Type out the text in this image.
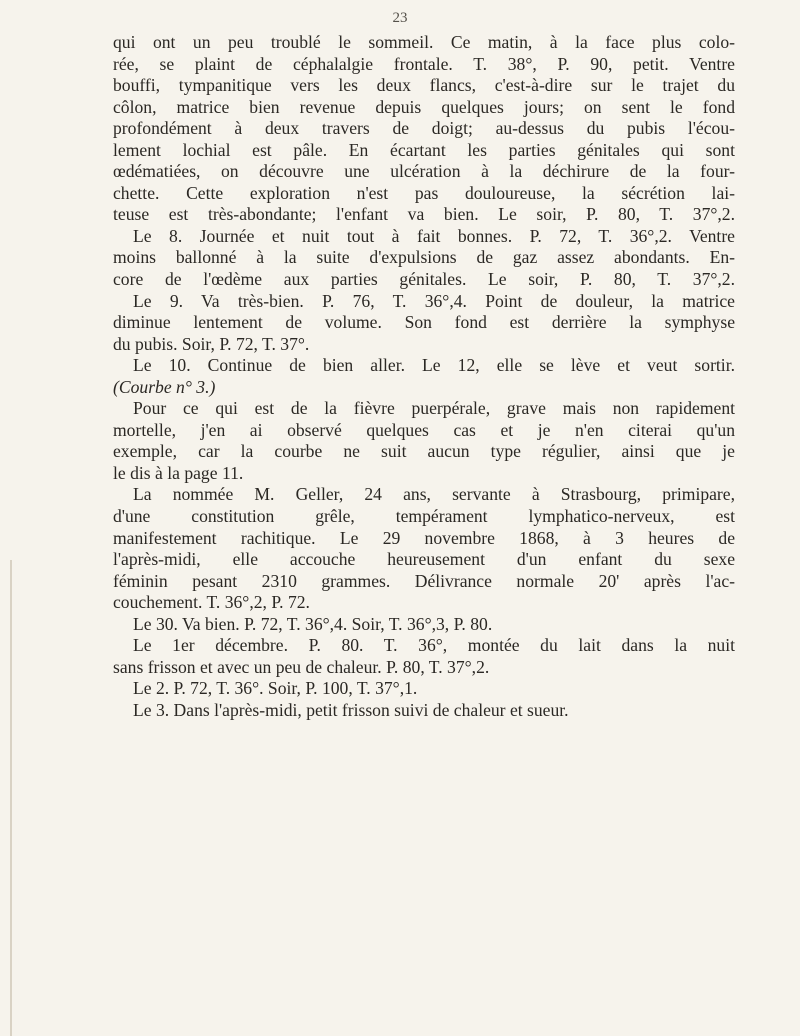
23
qui ont un peu troublé le sommeil. Ce matin, à la face plus colo-
rée, se plaint de céphalalgie frontale. T. 38°, P. 90, petit. Ventre
bouffi, tympanitique vers les deux flancs, c'est-à-dire sur le trajet du
côlon, matrice bien revenue depuis quelques jours; on sent le fond
profondément à deux travers de doigt; au-dessus du pubis l'écou-
lement lochial est pâle. En écartant les parties génitales qui sont
œdématiées, on découvre une ulcération à la déchirure de la four-
chette. Cette exploration n'est pas douloureuse, la sécrétion lai-
teuse est très-abondante; l'enfant va bien. Le soir, P. 80, T. 37°,2.
Le 8. Journée et nuit tout à fait bonnes. P. 72, T. 36°,2. Ventre
moins ballonné à la suite d'expulsions de gaz assez abondants. En-
core de l'œdème aux parties génitales. Le soir, P. 80, T. 37°,2.
Le 9. Va très-bien. P. 76, T. 36°,4. Point de douleur, la matrice
diminue lentement de volume. Son fond est derrière la symphyse
du pubis. Soir, P. 72, T. 37°.
Le 10. Continue de bien aller. Le 12, elle se lève et veut sortir.
(Courbe n° 3.)
Pour ce qui est de la fièvre puerpérale, grave mais non rapidement
mortelle, j'en ai observé quelques cas et je n'en citerai qu'un
exemple, car la courbe ne suit aucun type régulier, ainsi que je
le dis à la page 11.
La nommée M. Geller, 24 ans, servante à Strasbourg, primipare,
d'une constitution grêle, tempérament lymphatico-nerveux, est
manifestement rachitique. Le 29 novembre 1868, à 3 heures de
l'après-midi, elle accouche heureusement d'un enfant du sexe
féminin pesant 2310 grammes. Délivrance normale 20' après l'ac-
couchement. T. 36°,2, P. 72.
Le 30. Va bien. P. 72, T. 36°,4. Soir, T. 36°,3, P. 80.
Le 1er décembre. P. 80. T. 36°, montée du lait dans la nuit
sans frisson et avec un peu de chaleur. P. 80, T. 37°,2.
Le 2. P. 72, T. 36°. Soir, P. 100, T. 37°,1.
Le 3. Dans l'après-midi, petit frisson suivi de chaleur et sueur.
